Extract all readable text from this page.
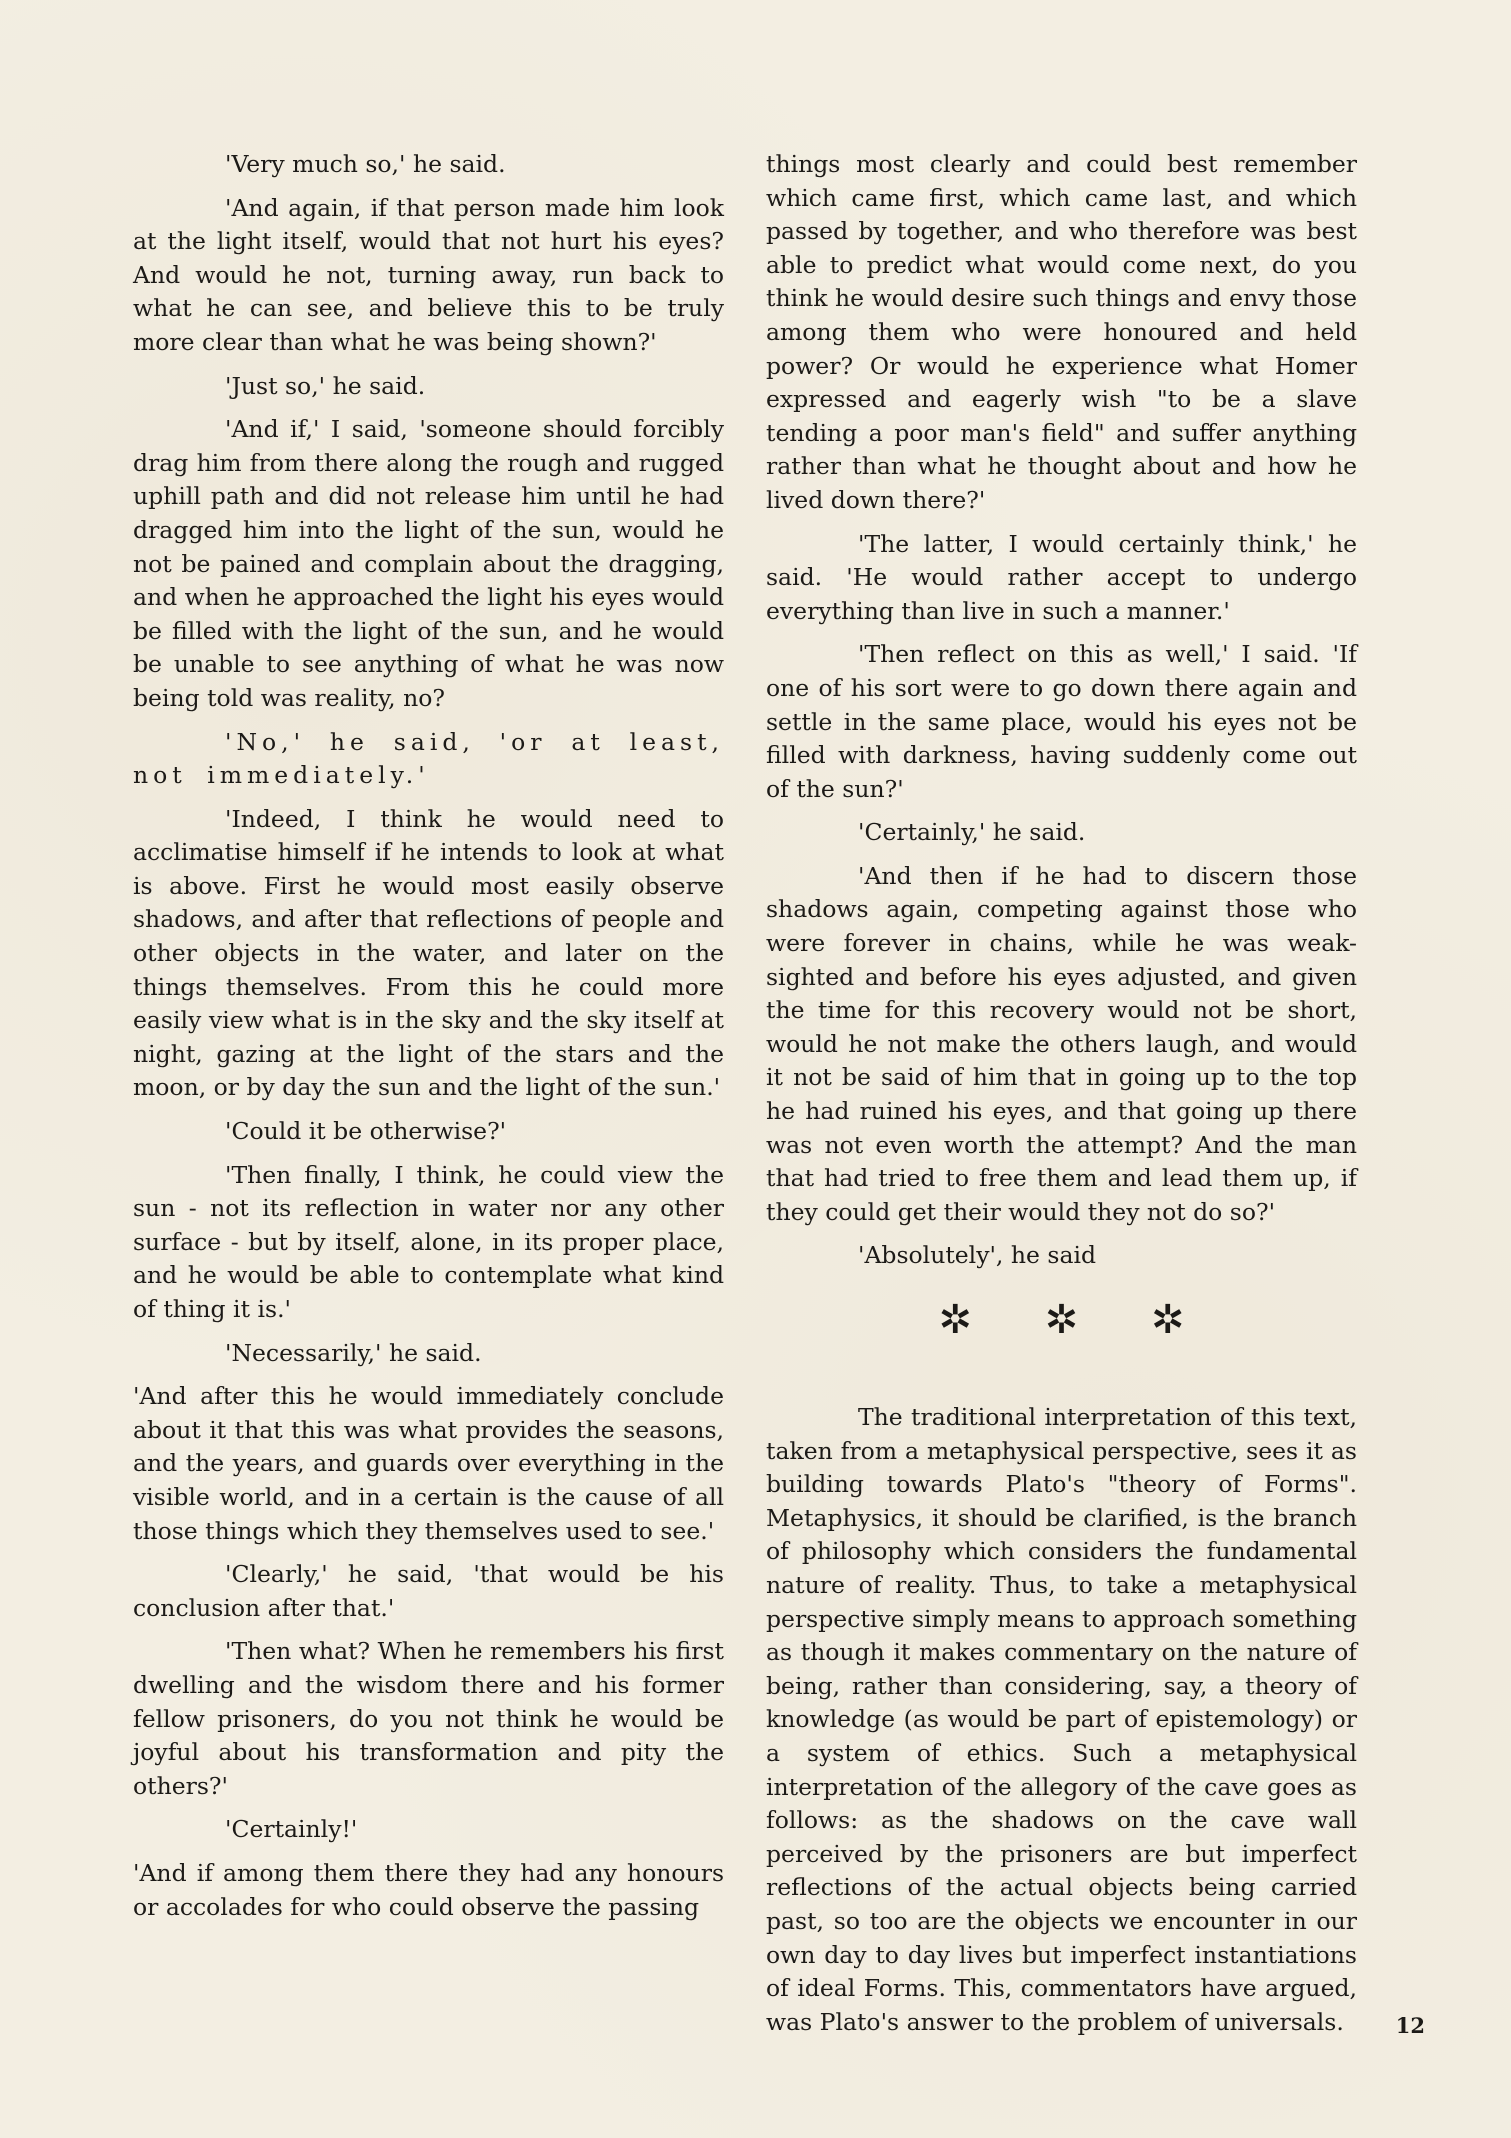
'Very much so,' he said.

'And again, if that person made him look at the light itself, would that not hurt his eyes? And would he not, turning away, run back to what he can see, and believe this to be truly more clear than what he was being shown?'

'Just so,' he said.

'And if,' I said, 'someone should forcibly drag him from there along the rough and rugged uphill path and did not release him until he had dragged him into the light of the sun, would he not be pained and complain about the dragging, and when he approached the light his eyes would be filled with the light of the sun, and he would be unable to see anything of what he was now being told was reality, no?

'No,' he said, 'or at least, not immediately.'

'Indeed, I think he would need to acclimatise himself if he intends to look at what is above. First he would most easily observe shadows, and after that reflections of people and other objects in the water, and later on the things themselves. From this he could more easily view what is in the sky and the sky itself at night, gazing at the light of the stars and the moon, or by day the sun and the light of the sun.'

'Could it be otherwise?'

'Then finally, I think, he could view the sun - not its reflection in water nor any other surface - but by itself, alone, in its proper place, and he would be able to contemplate what kind of thing it is.'

'Necessarily,' he said.

'And after this he would immediately conclude about it that this was what provides the seasons, and the years, and guards over everything in the visible world, and in a certain is the cause of all those things which they themselves used to see.'

'Clearly,' he said, 'that would be his conclusion after that.'

'Then what? When he remembers his first dwelling and the wisdom there and his former fellow prisoners, do you not think he would be joyful about his transformation and pity the others?'

'Certainly!'

'And if among them there they had any honours or accolades for who could observe the passing

things most clearly and could best remember which came first, which came last, and which passed by together, and who therefore was best able to predict what would come next, do you think he would desire such things and envy those among them who were honoured and held power? Or would he experience what Homer expressed and eagerly wish "to be a slave tending a poor man's field" and suffer anything rather than what he thought about and how he lived down there?'

'The latter, I would certainly think,' he said. 'He would rather accept to undergo everything than live in such a manner.'

'Then reflect on this as well,' I said. 'If one of his sort were to go down there again and settle in the same place, would his eyes not be filled with darkness, having suddenly come out of the sun?'

'Certainly,' he said.

'And then if he had to discern those shadows again, competing against those who were forever in chains, while he was weak-sighted and before his eyes adjusted, and given the time for this recovery would not be short, would he not make the others laugh, and would it not be said of him that in going up to the top he had ruined his eyes, and that going up there was not even worth the attempt? And the man that had tried to free them and lead them up, if they could get their would they not do so?'

'Absolutely', he said

✲ ✲ ✲

The traditional interpretation of this text, taken from a metaphysical perspective, sees it as building towards Plato's "theory of Forms". Metaphysics, it should be clarified, is the branch of philosophy which considers the fundamental nature of reality. Thus, to take a metaphysical perspective simply means to approach something as though it makes commentary on the nature of being, rather than considering, say, a theory of knowledge (as would be part of epistemology) or a system of ethics. Such a metaphysical interpretation of the allegory of the cave goes as follows: as the shadows on the cave wall perceived by the prisoners are but imperfect reflections of the actual objects being carried past, so too are the objects we encounter in our own day to day lives but imperfect instantiations of ideal Forms. This, commentators have argued, was Plato's answer to the problem of universals.	12
